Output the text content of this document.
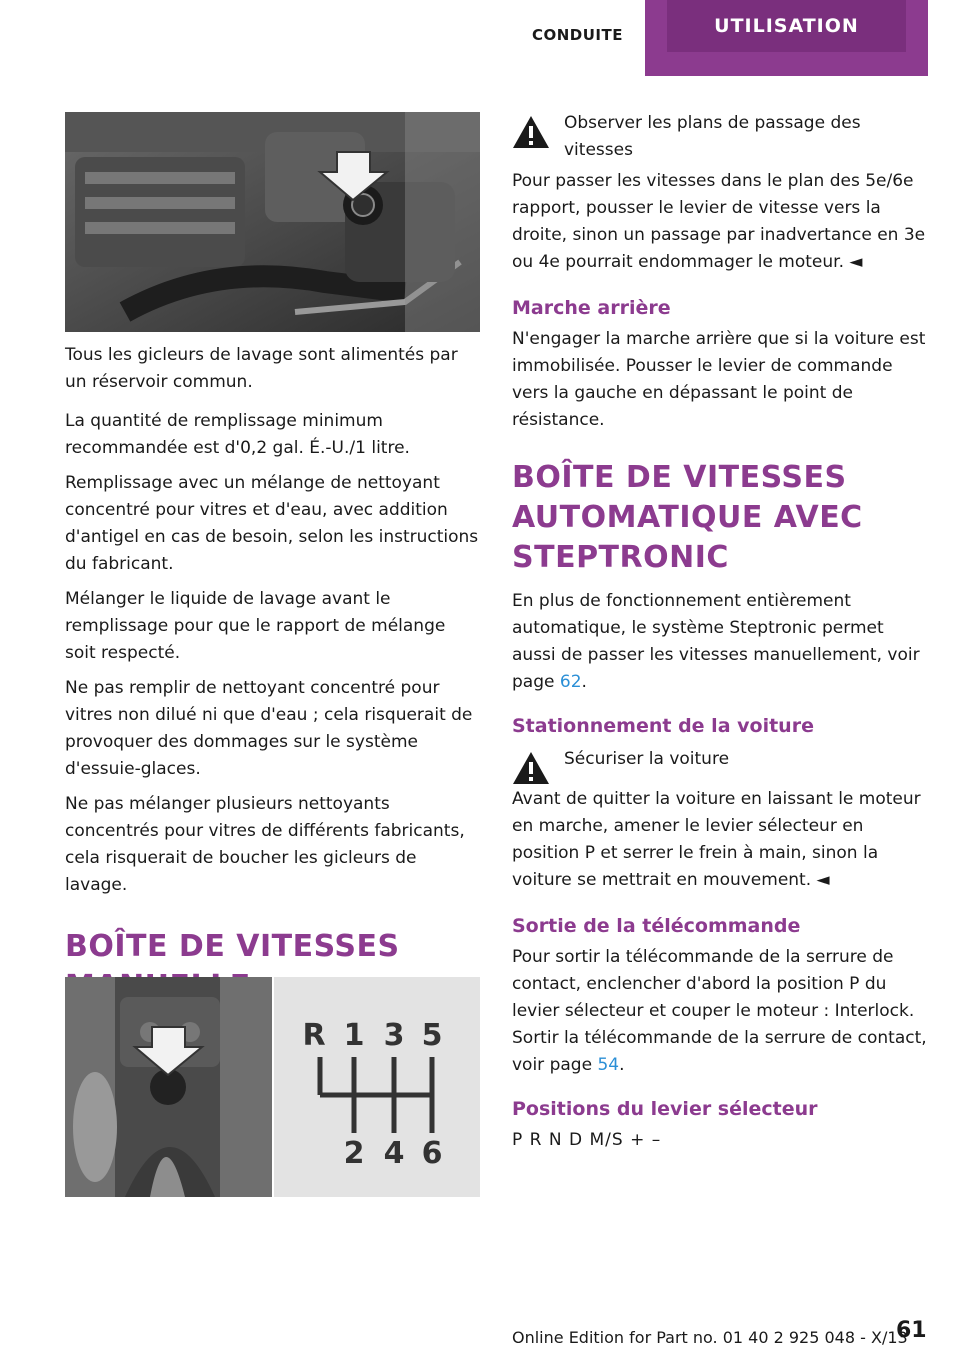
CONDUITE	UTILISATION

Tous les gicleurs de lavage sont alimentés par un réservoir commun.

La quantité de remplissage minimum recommandée est d'0,2 gal. É.-U./1 litre.

Remplissage avec un mélange de nettoyant concentré pour vitres et d'eau, avec addition d'antigel en cas de besoin, selon les instructions du fabricant.

Mélanger le liquide de lavage avant le remplissage pour que le rapport de mélange soit respecté.

Ne pas remplir de nettoyant concentré pour vitres non dilué ni que d'eau ; cela risquerait de provoquer des dommages sur le système d'essuie-glaces.

Ne pas mélanger plusieurs nettoyants concentrés pour vitres de différents fabricants, cela risquerait de boucher les gicleurs de lavage.

BOÎTE DE VITESSES
R 1 3 5
2 4 6
Observer les plans de passage des vitesses

Pour passer les vitesses dans le plan des 5e/6e rapport, pousser le levier de vitesse vers la droite, sinon un passage par inadvertance en 3e ou 4e pourrait endommager le moteur. ◄

Marche arrière

N'engager la marche arrière que si la voiture est immobilisée. Pousser le levier de commande vers la gauche en dépassant le point de résistance.

BOÎTE DE VITESSES AUTOMATIQUE AVEC STEPTRONIC

En plus de fonctionnement entièrement automatique, le système Steptronic permet aussi de passer les vitesses manuellement, voir page 62.

Stationnement de la voiture
Sécuriser la voiture

Avant de quitter la voiture en laissant le moteur en marche, amener le levier sélecteur en position P et serrer le frein à main, sinon la voiture se mettrait en mouvement. ◄

Sortie de la télécommande

Pour sortir la télécommande de la serrure de contact, enclencher d'abord la position P du levier sélecteur et couper le moteur : Interlock.

Sortir la télécommande de la serrure de contact, voir page 54.

Positions du levier sélecteur

P R N D M/S + –

Online Edition for Part no. 01 40 2 925 048 - X/13
61
